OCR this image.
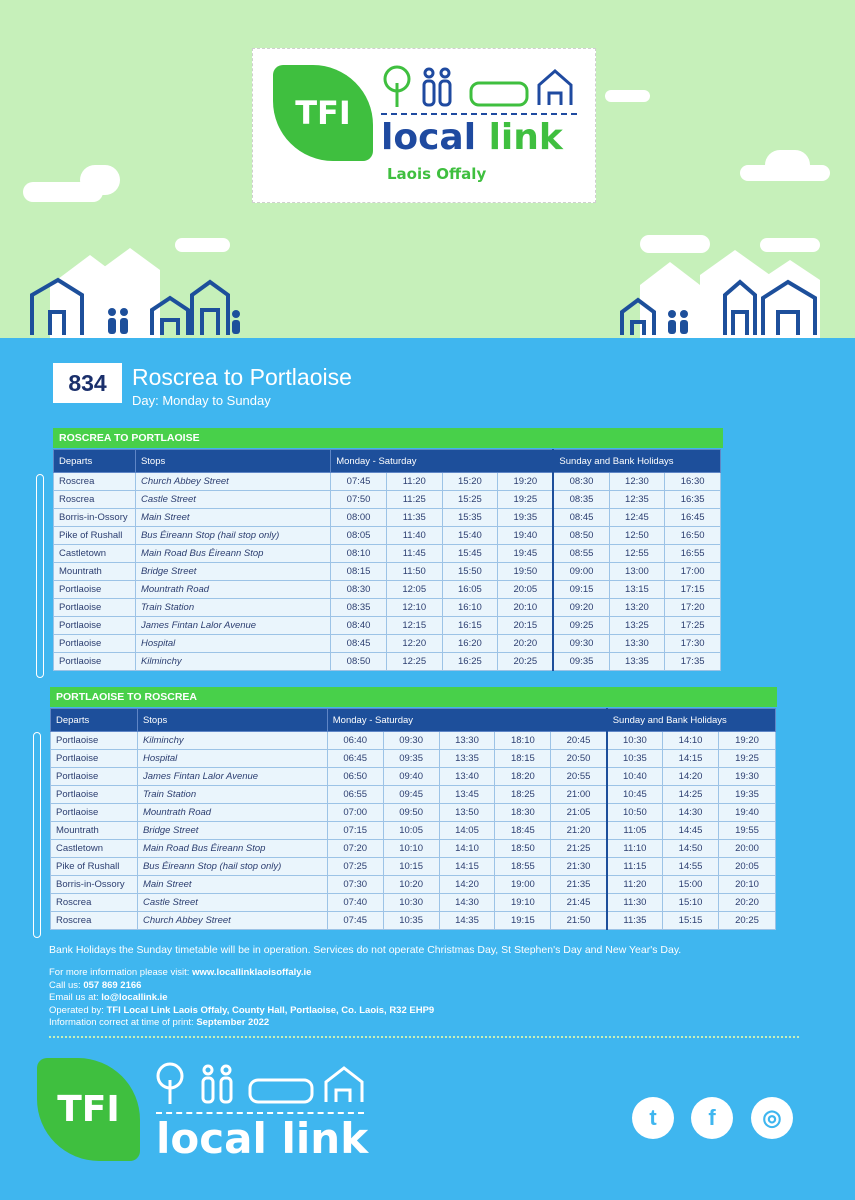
TFI
local link
Laois Offaly
834	Roscrea to Portlaoise
Day: Monday to Sunday
ROSCREA TO PORTLAOISE
Departs	Stops	Monday - Saturday				Sunday and Bank Holidays		
Roscrea	Church Abbey Street	07:45	11:20	15:20	19:20	08:30	12:30	16:30
Roscrea	Castle Street	07:50	11:25	15:25	19:25	08:35	12:35	16:35
Borris-in-Ossory	Main Street	08:00	11:35	15:35	19:35	08:45	12:45	16:45
Pike of Rushall	Bus Éireann Stop (hail stop only)	08:05	11:40	15:40	19:40	08:50	12:50	16:50
Castletown	Main Road Bus Éireann Stop	08:10	11:45	15:45	19:45	08:55	12:55	16:55
Mountrath	Bridge Street	08:15	11:50	15:50	19:50	09:00	13:00	17:00
Portlaoise	Mountrath Road	08:30	12:05	16:05	20:05	09:15	13:15	17:15
Portlaoise	Train Station	08:35	12:10	16:10	20:10	09:20	13:20	17:20
Portlaoise	James Fintan Lalor Avenue	08:40	12:15	16:15	20:15	09:25	13:25	17:25
Portlaoise	Hospital	08:45	12:20	16:20	20:20	09:30	13:30	17:30
Portlaoise	Kilminchy	08:50	12:25	16:25	20:25	09:35	13:35	17:35
PORTLAOISE TO ROSCREA
Departs	Stops	Monday - Saturday					Sunday and Bank Holidays		
Portlaoise	Kilminchy	06:40	09:30	13:30	18:10	20:45	10:30	14:10	19:20
Portlaoise	Hospital	06:45	09:35	13:35	18:15	20:50	10:35	14:15	19:25
Portlaoise	James Fintan Lalor Avenue	06:50	09:40	13:40	18:20	20:55	10:40	14:20	19:30
Portlaoise	Train Station	06:55	09:45	13:45	18:25	21:00	10:45	14:25	19:35
Portlaoise	Mountrath Road	07:00	09:50	13:50	18:30	21:05	10:50	14:30	19:40
Mountrath	Bridge Street	07:15	10:05	14:05	18:45	21:20	11:05	14:45	19:55
Castletown	Main Road Bus Éireann Stop	07:20	10:10	14:10	18:50	21:25	11:10	14:50	20:00
Pike of Rushall	Bus Éireann Stop (hail stop only)	07:25	10:15	14:15	18:55	21:30	11:15	14:55	20:05
Borris-in-Ossory	Main Street	07:30	10:20	14:20	19:00	21:35	11:20	15:00	20:10
Roscrea	Castle Street	07:40	10:30	14:30	19:10	21:45	11:30	15:10	20:20
Roscrea	Church Abbey Street	07:45	10:35	14:35	19:15	21:50	11:35	15:15	20:25
Bank Holidays the Sunday timetable will be in operation. Services do not operate Christmas Day, St Stephen's Day and New Year's Day.
For more information please visit: www.locallinklaoisoffaly.ie
Call us: 057 869 2166
Email us at: lo@locallink.ie
Operated by: TFI Local Link Laois Offaly, County Hall, Portlaoise, Co. Laois, R32 EHP9
Information correct at time of print: September 2022
TFI
local link	t	f	◎
